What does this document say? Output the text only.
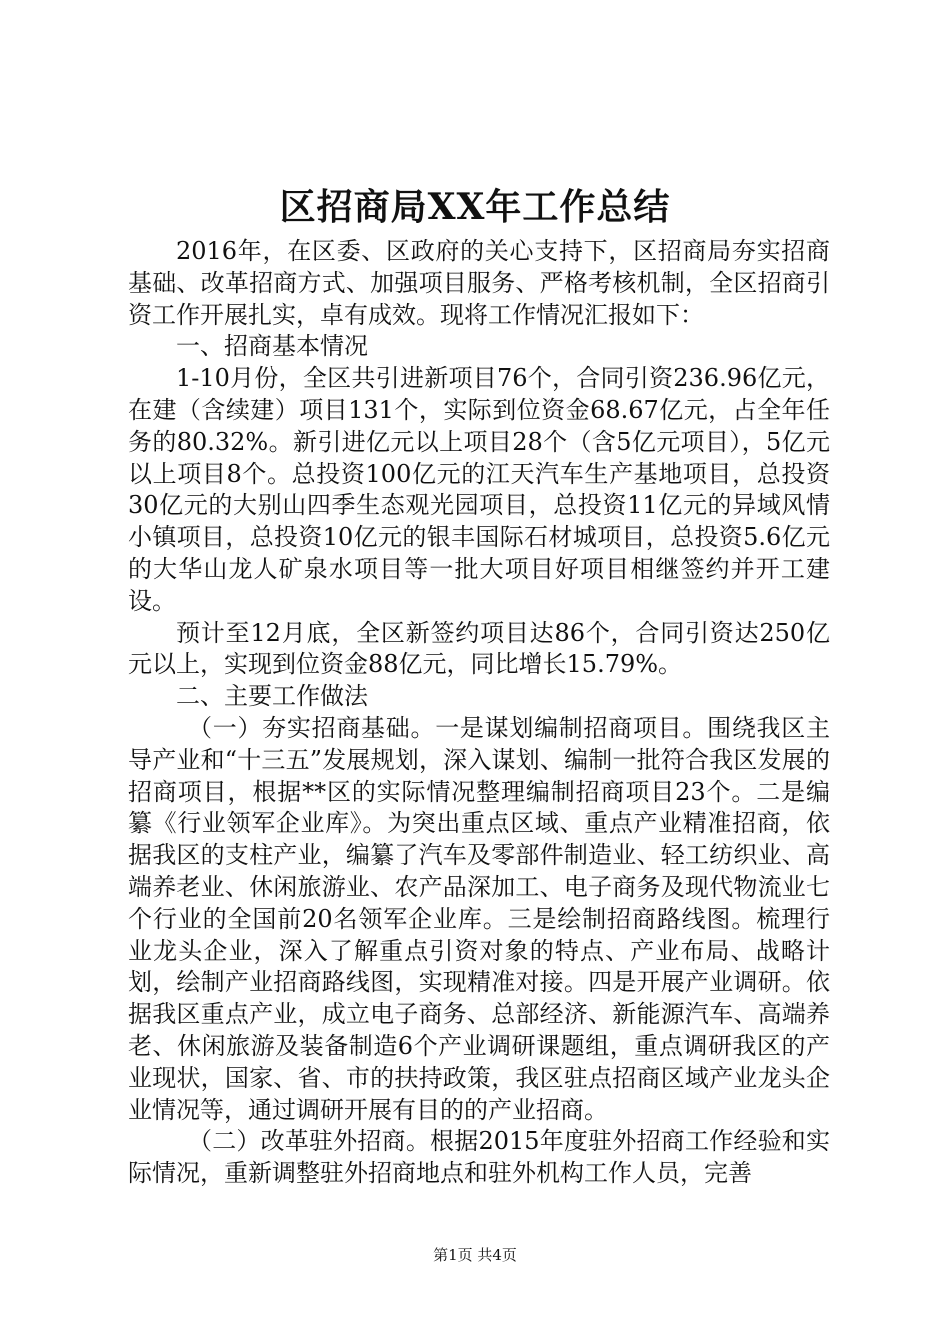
区招商局XX年工作总结

2016年，在区委、区政府的关心支持下，区招商局夯实招商基础、改革招商方式、加强项目服务、严格考核机制，全区招商引资工作开展扎实，卓有成效。现将工作情况汇报如下：

一、招商基本情况

1-10月份，全区共引进新项目76个，合同引资236.96亿元，在建（含续建）项目131个，实际到位资金68.67亿元，占全年任务的80.32%。新引进亿元以上项目28个（含5亿元项目），5亿元以上项目8个。总投资100亿元的江天汽车生产基地项目，总投资30亿元的大别山四季生态观光园项目，总投资11亿元的异域风情小镇项目，总投资10亿元的银丰国际石材城项目，总投资5.6亿元的大华山龙人矿泉水项目等一批大项目好项目相继签约并开工建设。

预计至12月底，全区新签约项目达86个，合同引资达250亿元以上，实现到位资金88亿元，同比增长15.79%。

二、主要工作做法

（一）夯实招商基础。一是谋划编制招商项目。围绕我区主导产业和“十三五”发展规划，深入谋划、编制一批符合我区发展的招商项目，根据**区的实际情况整理编制招商项目23个。二是编纂《行业领军企业库》。为突出重点区域、重点产业精准招商，依据我区的支柱产业，编纂了汽车及零部件制造业、轻工纺织业、高端养老业、休闲旅游业、农产品深加工、电子商务及现代物流业七个行业的全国前20名领军企业库。三是绘制招商路线图。梳理行业龙头企业，深入了解重点引资对象的特点、产业布局、战略计划，绘制产业招商路线图，实现精准对接。四是开展产业调研。依据我区重点产业，成立电子商务、总部经济、新能源汽车、高端养老、休闲旅游及装备制造6个产业调研课题组，重点调研我区的产业现状，国家、省、市的扶持政策，我区驻点招商区域产业龙头企业情况等，通过调研开展有目的的产业招商。

（二）改革驻外招商。根据2015年度驻外招商工作经验和实际情况，重新调整驻外招商地点和驻外机构工作人员，完善

第1页 共4页
